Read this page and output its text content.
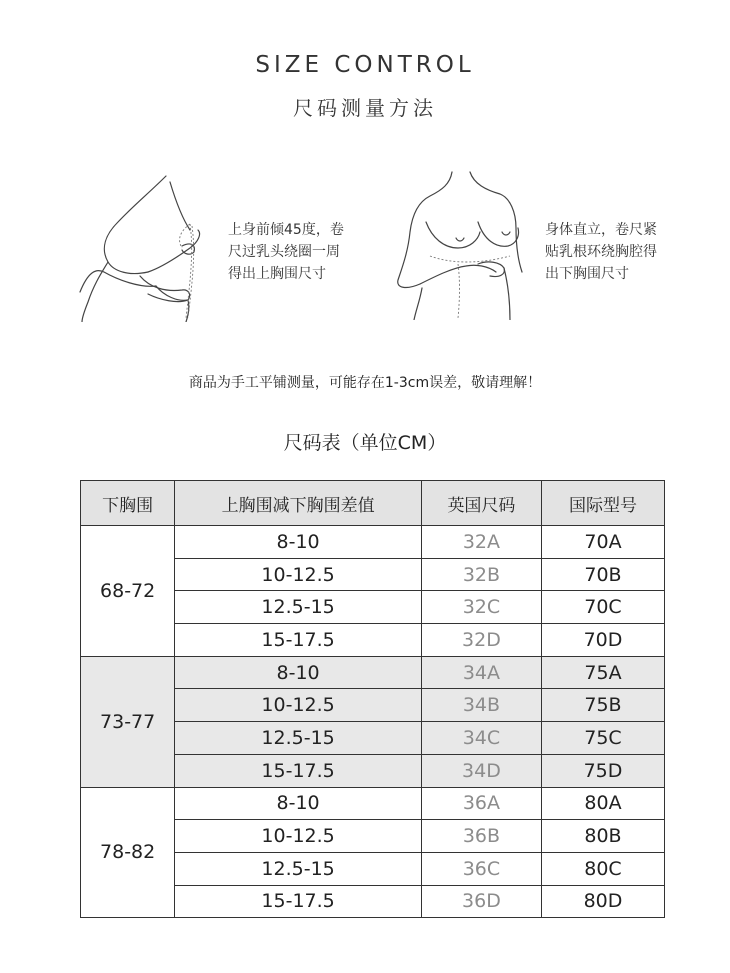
SIZE CONTROL
尺码测量方法
上身前倾45度，卷
尺过乳头绕圈一周
得出上胸围尺寸
身体直立，卷尺紧
贴乳根环绕胸腔得
出下胸围尺寸
商品为手工平铺测量，可能存在1-3cm误差，敬请理解！
尺码表（单位CM）
下胸围	上胸围减下胸围差值	英国尺码	国际型号
68-72	8-10	32A	70A
	10-12.5	32B	70B
	12.5-15	32C	70C
	15-17.5	32D	70D
73-77	8-10	34A	75A
	10-12.5	34B	75B
	12.5-15	34C	75C
	15-17.5	34D	75D
78-82	8-10	36A	80A
	10-12.5	36B	80B
	12.5-15	36C	80C
	15-17.5	36D	80D
